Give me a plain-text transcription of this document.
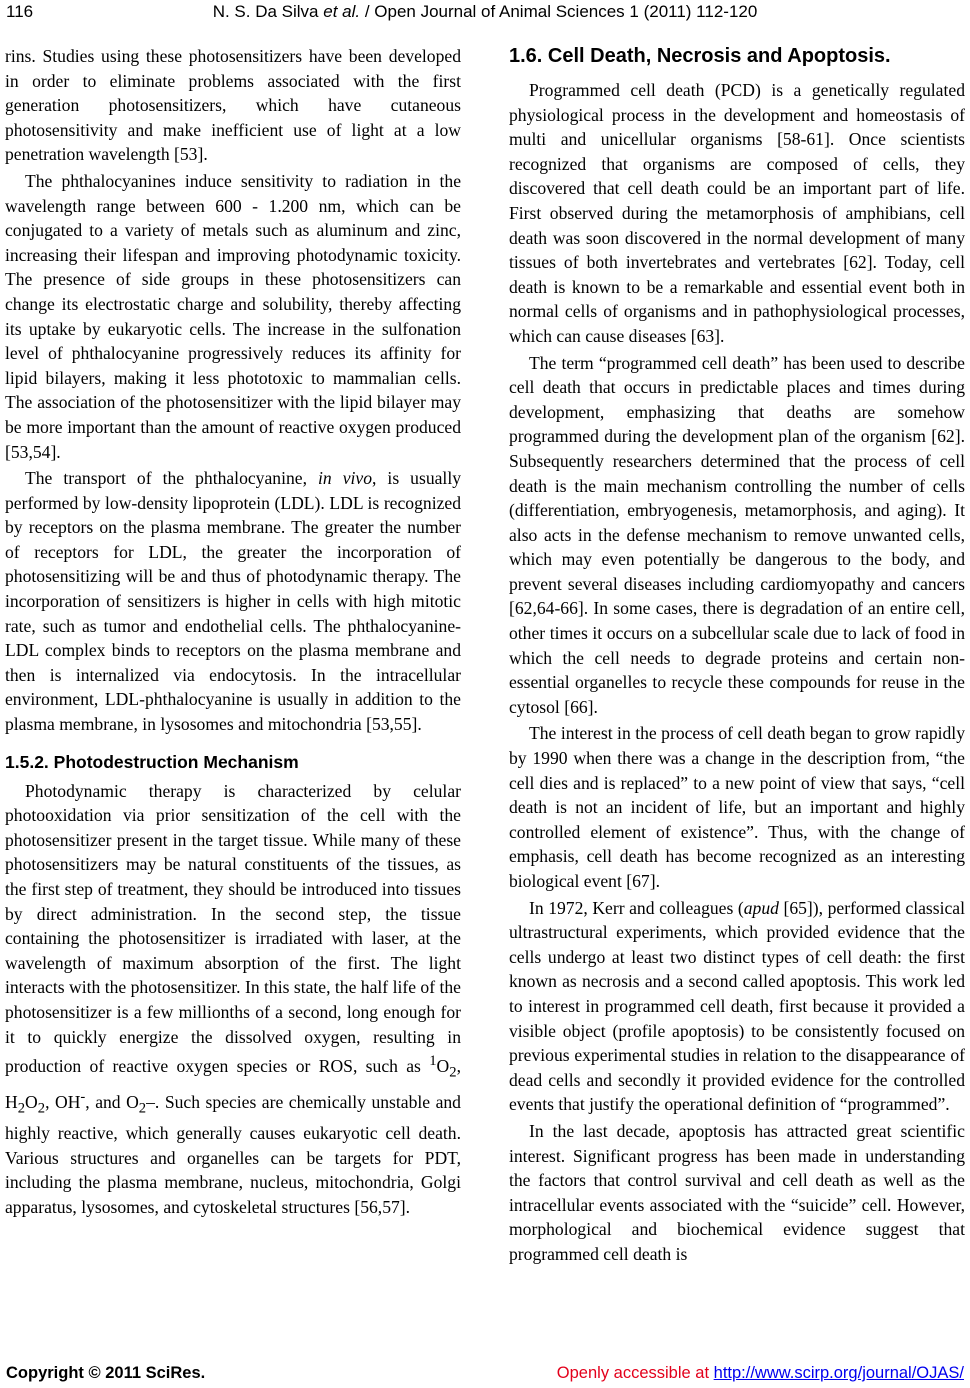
116	N. S. Da Silva et al. / Open Journal of Animal Sciences 1 (2011) 112-120

rins. Studies using these photosensitizers have been developed in order to eliminate problems associated with the first generation photosensitizers, which have cutaneous photosensitivity and make inefficient use of light at a low penetration wavelength [53].

The phthalocyanines induce sensitivity to radiation in the wavelength range between 600 - 1.200 nm, which can be conjugated to a variety of metals such as aluminum and zinc, increasing their lifespan and improving photodynamic toxicity. The presence of side groups in these photosensitizers can change its electrostatic charge and solubility, thereby affecting its uptake by eukaryotic cells. The increase in the sulfonation level of phthalocyanine progressively reduces its affinity for lipid bilayers, making it less phototoxic to mammalian cells. The association of the photosensitizer with the lipid bilayer may be more important than the amount of reactive oxygen produced [53,54].

The transport of the phthalocyanine, in vivo, is usually performed by low-density lipoprotein (LDL). LDL is recognized by receptors on the plasma membrane. The greater the number of receptors for LDL, the greater the incorporation of photosensitizing will be and thus of photodynamic therapy. The incorporation of sensitizers is higher in cells with high mitotic rate, such as tumor and endothelial cells. The phthalocyanine-LDL complex binds to receptors on the plasma membrane and then is internalized via endocytosis. In the intracellular environment, LDL-phthalocyanine is usually in addition to the plasma membrane, in lysosomes and mitochondria [53,55].

1.5.2. Photodestruction Mechanism

Photodynamic therapy is characterized by celular photooxidation via prior sensitization of the cell with the photosensitizer present in the target tissue. While many of these photosensitizers may be natural constituents of the tissues, as the first step of treatment, they should be introduced into tissues by direct administration. In the second step, the tissue containing the photosensitizer is irradiated with laser, at the wavelength of maximum absorption of the first. The light interacts with the photosensitizer. In this state, the half life of the photosensitizer is a few millionths of a second, long enough for it to quickly energize the dissolved oxygen, resulting in production of reactive oxygen species or ROS, such as $^1O_2$, $H_2O_2$, OH-, and $O_2-$. Such species are chemically unstable and highly reactive, which generally causes eukaryotic cell death. Various structures and organelles can be targets for PDT, including the plasma membrane, nucleus, mitochondria, Golgi apparatus, lysosomes, and cytoskeletal structures [56,57].

1.6. Cell Death, Necrosis and Apoptosis.

Programmed cell death (PCD) is a genetically regulated physiological process in the development and homeostasis of multi and unicellular organisms [58-61]. Once scientists recognized that organisms are composed of cells, they discovered that cell death could be an important part of life. First observed during the metamorphosis of amphibians, cell death was soon discovered in the normal development of many tissues of both invertebrates and vertebrates [62]. Today, cell death is known to be a remarkable and essential event both in normal cells of organisms and in pathophysiological processes, which can cause diseases [63].

The term “programmed cell death” has been used to describe cell death that occurs in predictable places and times during development, emphasizing that deaths are somehow programmed during the development plan of the organism [62]. Subsequently researchers determined that the process of cell death is the main mechanism controlling the number of cells (differentiation, embryogenesis, metamorphosis, and aging). It also acts in the defense mechanism to remove unwanted cells, which may even potentially be dangerous to the body, and prevent several diseases including cardiomyopathy and cancers [62,64-66]. In some cases, there is degradation of an entire cell, other times it occurs on a subcellular scale due to lack of food in which the cell needs to degrade proteins and certain non-essential organelles to recycle these compounds for reuse in the cytosol [66].

The interest in the process of cell death began to grow rapidly by 1990 when there was a change in the description from, “the cell dies and is replaced” to a new point of view that says, “cell death is not an incident of life, but an important and highly controlled element of existence”. Thus, with the change of emphasis, cell death has become recognized as an interesting biological event [67].

In 1972, Kerr and colleagues (apud [65]), performed classical ultrastructural experiments, which provided evidence that the cells undergo at least two distinct types of cell death: the first known as necrosis and a second called apoptosis. This work led to interest in programmed cell death, first because it provided a visible object (profile apoptosis) to be consistently focused on previous experimental studies in relation to the disappearance of dead cells and secondly it provided evidence for the controlled events that justify the operational definition of “programmed”.

In the last decade, apoptosis has attracted great scientific interest. Significant progress has been made in understanding the factors that control survival and cell death as well as the intracellular events associated with the “suicide” cell. However, morphological and biochemical evidence suggest that programmed cell death is

Copyright © 2011 SciRes.	Openly accessible at http://www.scirp.org/journal/OJAS/
